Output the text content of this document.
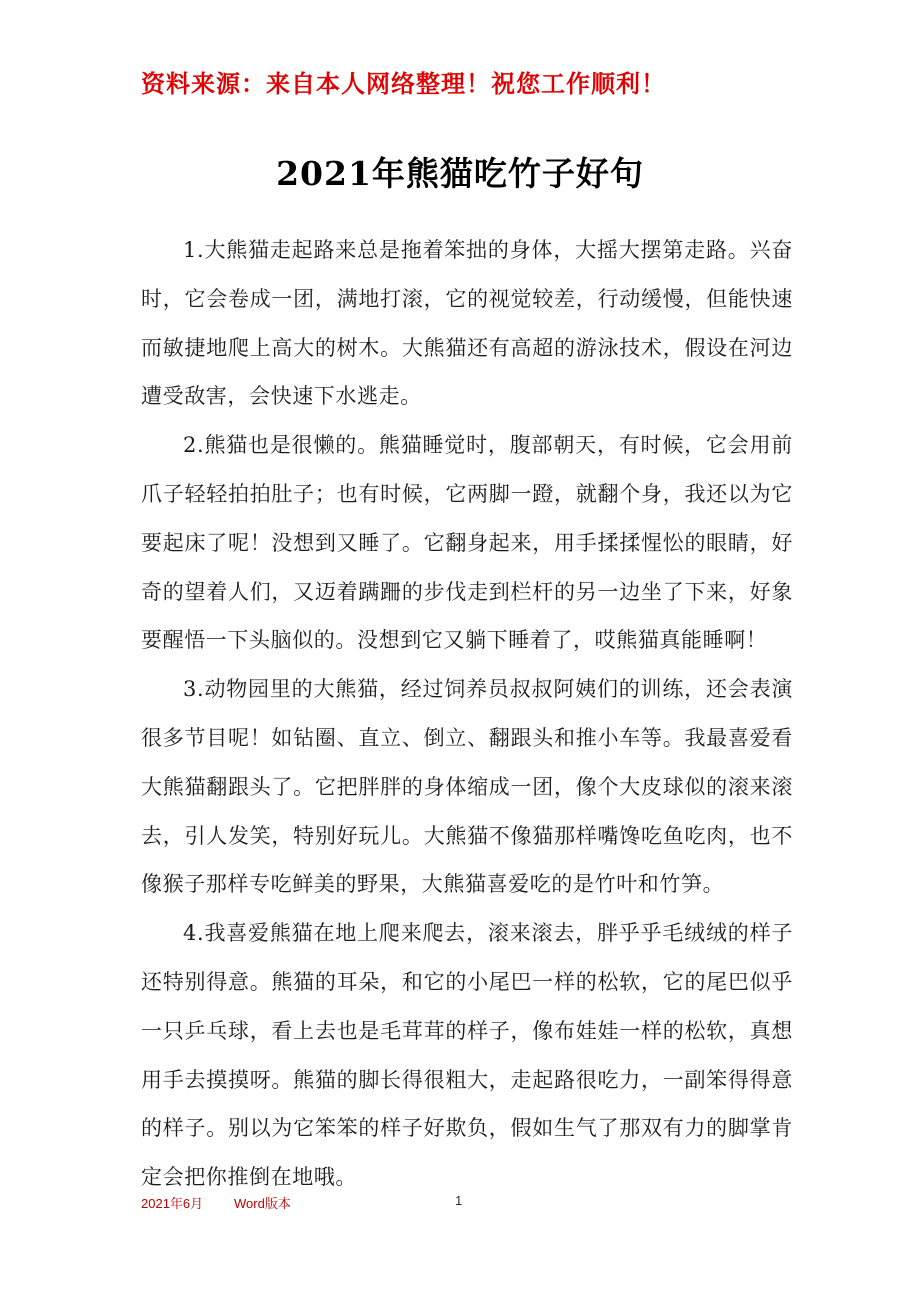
资料来源：来自本人网络整理！祝您工作顺利！
2021年熊猫吃竹子好句

1.大熊猫走起路来总是拖着笨拙的身体，大摇大摆第走路。兴奋时，它会卷成一团，满地打滚，它的视觉较差，行动缓慢，但能快速而敏捷地爬上高大的树木。大熊猫还有高超的游泳技术，假设在河边遭受敌害，会快速下水逃走。

2.熊猫也是很懒的。熊猫睡觉时，腹部朝天，有时候，它会用前爪子轻轻拍拍肚子；也有时候，它两脚一蹬，就翻个身，我还以为它要起床了呢！没想到又睡了。它翻身起来，用手揉揉惺忪的眼睛，好奇的望着人们，又迈着蹒跚的步伐走到栏杆的另一边坐了下来，好象要醒悟一下头脑似的。没想到它又躺下睡着了，哎熊猫真能睡啊！

3.动物园里的大熊猫，经过饲养员叔叔阿姨们的训练，还会表演很多节目呢！如钻圈、直立、倒立、翻跟头和推小车等。我最喜爱看大熊猫翻跟头了。它把胖胖的身体缩成一团，像个大皮球似的滚来滚去，引人发笑，特别好玩儿。大熊猫不像猫那样嘴馋吃鱼吃肉，也不像猴子那样专吃鲜美的野果，大熊猫喜爱吃的是竹叶和竹笋。

4.我喜爱熊猫在地上爬来爬去，滚来滚去，胖乎乎毛绒绒的样子还特别得意。熊猫的耳朵，和它的小尾巴一样的松软，它的尾巴似乎一只乒乓球，看上去也是毛茸茸的样子，像布娃娃一样的松软，真想用手去摸摸呀。熊猫的脚长得很粗大，走起路很吃力，一副笨得得意的样子。别以为它笨笨的样子好欺负，假如生气了那双有力的脚掌肯定会把你推倒在地哦。

2021年6月 Word版本	1
